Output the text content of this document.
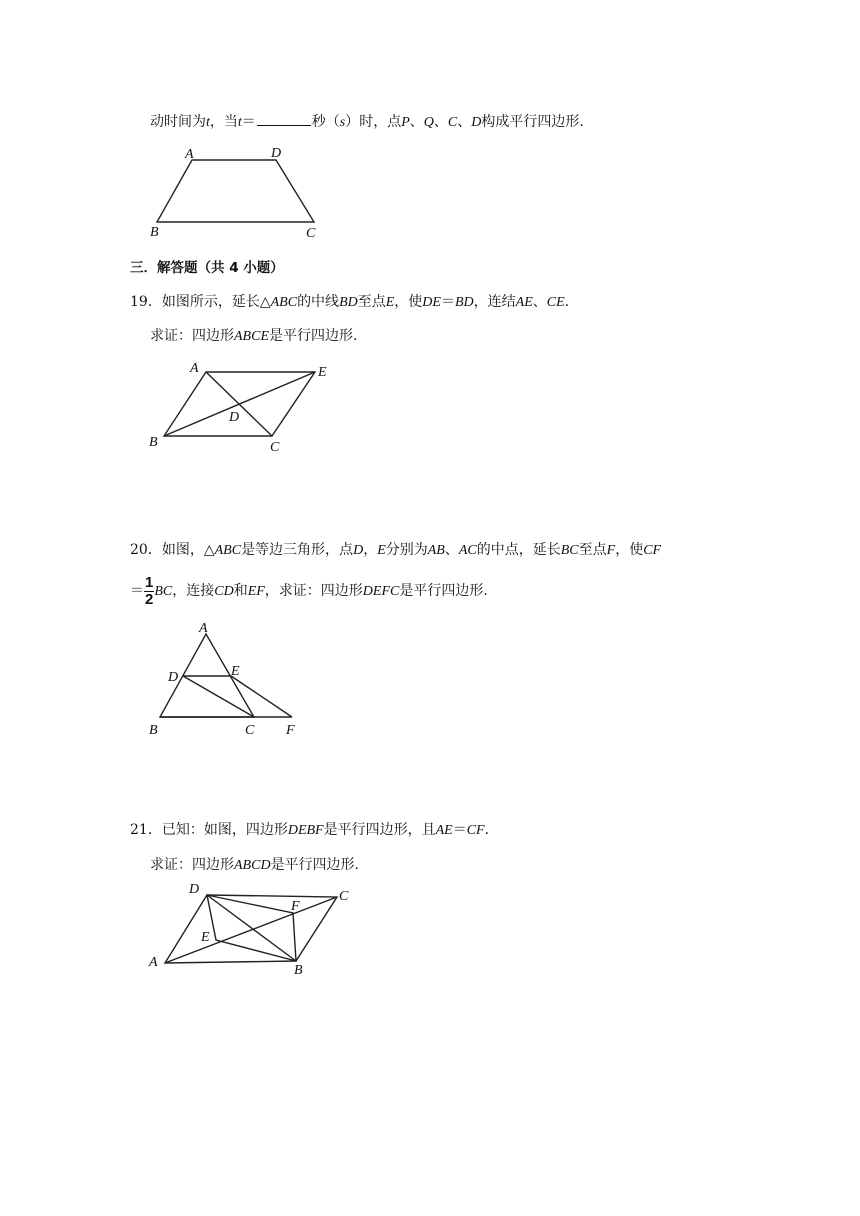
动时间为t，当t＝	秒（s）时，点P、Q、C、D构成平行四边形.
A	D
B	C
三．解答题（共 4 小题）
19．如图所示，延长△ABC的中线BD至点E，使DE＝BD，连结AE、CE.
求证：四边形ABCE是平行四边形.
A	E
D
B	C
20．如图，△ABC是等边三角形，点D，E分别为AB、AC的中点，延长BC至点F，使CF
＝ $\frac{1}{2}$ BC，连接CD和EF，求证：四边形DEFC是平行四边形.
A
D	E
B	C F
21．已知：如图，四边形DEBF是平行四边形，且AE＝CF.
求证：四边形ABCD是平行四边形.
D	C
F
E
A
B
